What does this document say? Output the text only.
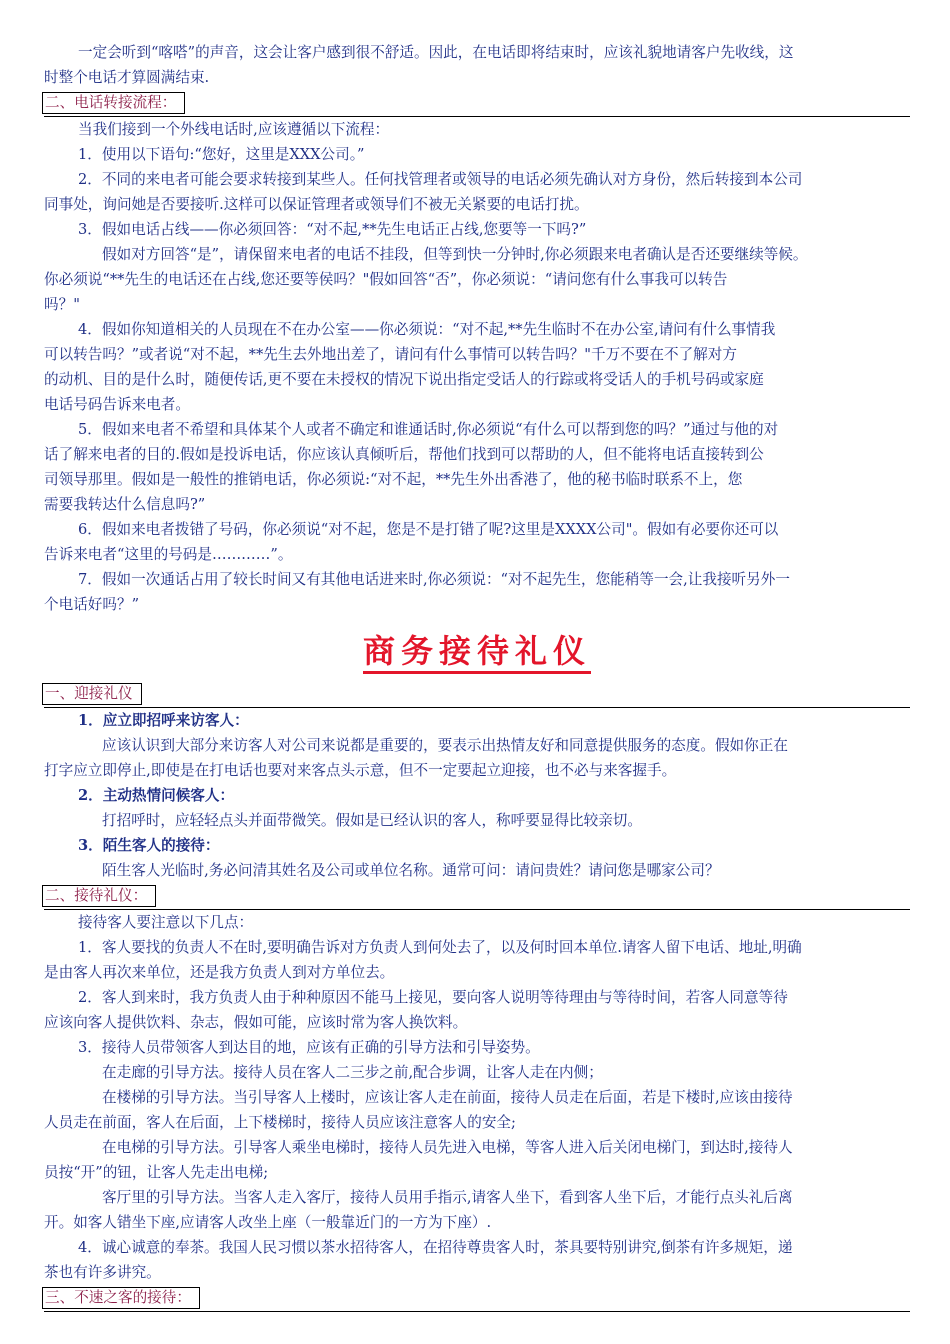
一定会听到“喀嗒”的声音，这会让客户感到很不舒适。因此，在电话即将结束时，应该礼貌地请客户先收线，这
时整个电话才算圆满结束.
二、电话转接流程：
当我们接到一个外线电话时,应该遵循以下流程：
1．使用以下语句:“您好，这里是XXX公司。”
2．不同的来电者可能会要求转接到某些人。任何找管理者或领导的电话必须先确认对方身份，然后转接到本公司
同事处，询问她是否要接听.这样可以保证管理者或领导们不被无关紧要的电话打扰。
3．假如电话占线——你必须回答：“对不起,**先生电话正占线,您要等一下吗?”
假如对方回答“是”，请保留来电者的电话不挂段，但等到快一分钟时,你必须跟来电者确认是否还要继续等候。
你必须说“**先生的电话还在占线,您还要等侯吗？"假如回答“否”，你必须说：“请问您有什么事我可以转告
吗？"
4．假如你知道相关的人员现在不在办公室——你必须说：“对不起,**先生临时不在办公室,请问有什么事情我
可以转告吗？”或者说“对不起，**先生去外地出差了，请问有什么事情可以转告吗？"千万不要在不了解对方
的动机、目的是什么时，随便传话,更不要在未授权的情况下说出指定受话人的行踪或将受话人的手机号码或家庭
电话号码告诉来电者。
5．假如来电者不希望和具体某个人或者不确定和谁通话时,你必须说“有什么可以帮到您的吗？”通过与他的对
话了解来电者的目的.假如是投诉电话，你应该认真倾听后，帮他们找到可以帮助的人，但不能将电话直接转到公
司领导那里。假如是一般性的推销电话，你必须说:“对不起，**先生外出香港了，他的秘书临时联系不上，您
需要我转达什么信息吗?”
6．假如来电者拨错了号码，你必须说“对不起，您是不是打错了呢?这里是XXXX公司"。假如有必要你还可以
告诉来电者“这里的号码是…………”。
7．假如一次通话占用了较长时间又有其他电话进来时,你必须说：“对不起先生，您能稍等一会,让我接听另外一
个电话好吗？”
商务接待礼仪
一、迎接礼仪
1．应立即招呼来访客人：
应该认识到大部分来访客人对公司来说都是重要的，要表示出热情友好和同意提供服务的态度。假如你正在
打字应立即停止,即使是在打电话也要对来客点头示意，但不一定要起立迎接，也不必与来客握手。
2．主动热情问候客人：
打招呼时，应轻轻点头并面带微笑。假如是已经认识的客人，称呼要显得比较亲切。
3．陌生客人的接待：
陌生客人光临时,务必问清其姓名及公司或单位名称。通常可问：请问贵姓？请问您是哪家公司？
二、接待礼仪：
接待客人要注意以下几点：
1．客人要找的负责人不在时,要明确告诉对方负责人到何处去了，以及何时回本单位.请客人留下电话、地址,明确
是由客人再次来单位，还是我方负责人到对方单位去。
2．客人到来时，我方负责人由于种种原因不能马上接见，要向客人说明等待理由与等待时间，若客人同意等待
应该向客人提供饮料、杂志，假如可能，应该时常为客人换饮料。
3．接待人员带领客人到达目的地，应该有正确的引导方法和引导姿势。
在走廊的引导方法。接待人员在客人二三步之前,配合步调，让客人走在内侧；
在楼梯的引导方法。当引导客人上楼时，应该让客人走在前面，接待人员走在后面，若是下楼时,应该由接待
人员走在前面，客人在后面，上下楼梯时，接待人员应该注意客人的安全;
在电梯的引导方法。引导客人乘坐电梯时，接待人员先进入电梯，等客人进入后关闭电梯门，到达时,接待人
员按“开”的钮，让客人先走出电梯;
客厅里的引导方法。当客人走入客厅，接待人员用手指示,请客人坐下，看到客人坐下后，才能行点头礼后离
开。如客人错坐下座,应请客人改坐上座（一般靠近门的一方为下座）.
4．诚心诚意的奉茶。我国人民习惯以茶水招待客人，在招待尊贵客人时，茶具要特别讲究,倒茶有许多规矩，递
茶也有许多讲究。
三、不速之客的接待：
